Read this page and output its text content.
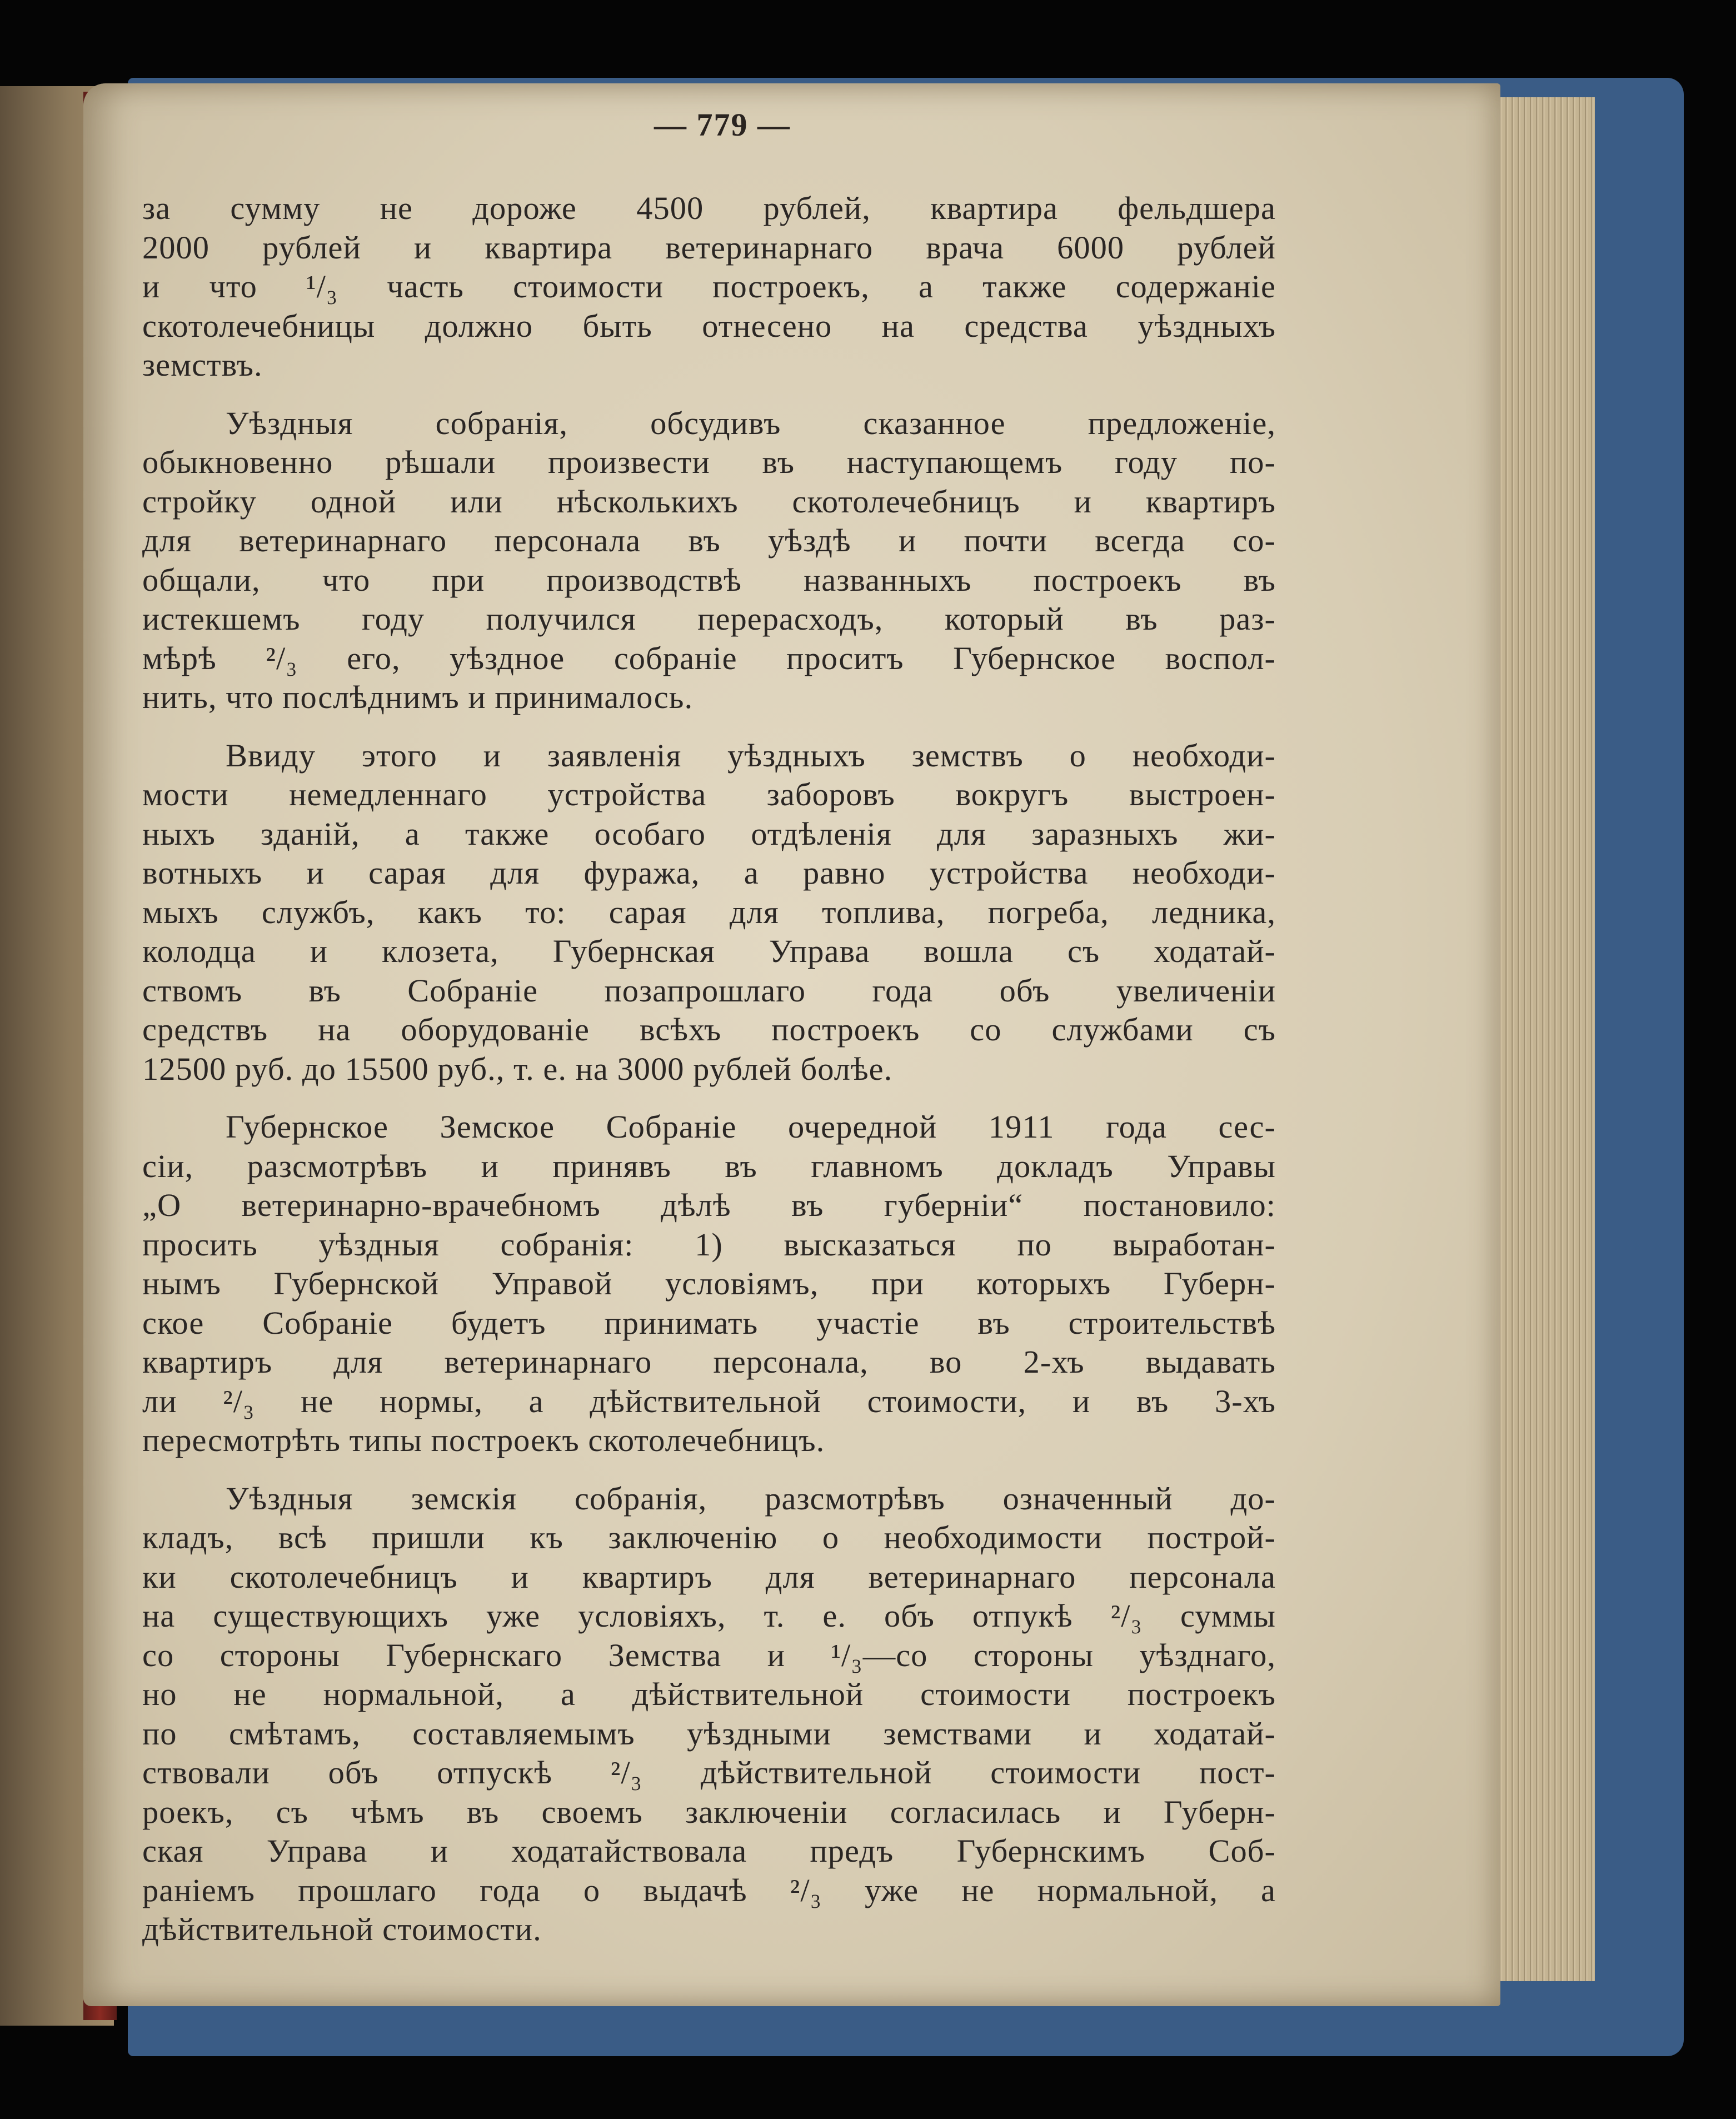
— 779 —
за сумму не дороже 4500 рублей, квартира фельдшера
2000 рублей и квартира ветеринарнаго врача 6000 рублей
и что ¹/₃ часть стоимости построекъ, а также содержаніе
скотолечебницы должно быть отнесено на средства уѣздныхъ
земствъ.
Уѣздныя собранія, обсудивъ сказанное предложеніе,
обыкновенно рѣшали произвести въ наступающемъ году по-
стройку одной или нѣсколькихъ скотолечебницъ и квартиръ
для ветеринарнаго персонала въ уѣздѣ и почти всегда со-
общали, что при производствѣ названныхъ построекъ въ
истекшемъ году получился перерасходъ, который въ раз-
мѣрѣ ²/₃ его, уѣздное собраніе проситъ Губернское воспол-
нить, что послѣднимъ и принималось.
Ввиду этого и заявленія уѣздныхъ земствъ о необходи-
мости немедленнаго устройства заборовъ вокругъ выстроен-
ныхъ зданій, а также особаго отдѣленія для заразныхъ жи-
вотныхъ и сарая для фуража, а равно устройства необходи-
мыхъ службъ, какъ то: сарая для топлива, погреба, ледника,
колодца и клозета, Губернская Управа вошла съ ходатай-
ствомъ въ Собраніе позапрошлаго года объ увеличеніи
средствъ на оборудованіе всѣхъ построекъ со службами съ
12500 руб. до 15500 руб., т. е. на 3000 рублей болѣе.
Губернское Земское Собраніе очередной 1911 года сес-
сіи, разсмотрѣвъ и принявъ въ главномъ докладъ Управы
„О ветеринарно-врачебномъ дѣлѣ въ губерніи“ постановило:
просить уѣздныя собранія: 1) высказаться по выработан-
нымъ Губернской Управой условіямъ, при которыхъ Губерн-
ское Собраніе будетъ принимать участіе въ строительствѣ
квартиръ для ветеринарнаго персонала, во 2-хъ выдавать
ли ²/₃ не нормы, а дѣйствительной стоимости, и въ 3-хъ
пересмотрѣть типы построекъ скотолечебницъ.
Уѣздныя земскія собранія, разсмотрѣвъ означенный до-
кладъ, всѣ пришли къ заключенію о необходимости построй-
ки скотолечебницъ и квартиръ для ветеринарнаго персонала
на существующихъ уже условіяхъ, т. е. объ отпукѣ ²/₃ суммы
со стороны Губернскаго Земства и ¹/₃—со стороны уѣзднаго,
но не нормальной, а дѣйствительной стоимости построекъ
по смѣтамъ, составляемымъ уѣздными земствами и ходатай-
ствовали объ отпускѣ ²/₃ дѣйствительной стоимости пост-
роекъ, съ чѣмъ въ своемъ заключеніи согласилась и Губерн-
ская Управа и ходатайствовала предъ Губернскимъ Соб-
раніемъ прошлаго года о выдачѣ ²/₃ уже не нормальной, а
дѣйствительной стоимости.
